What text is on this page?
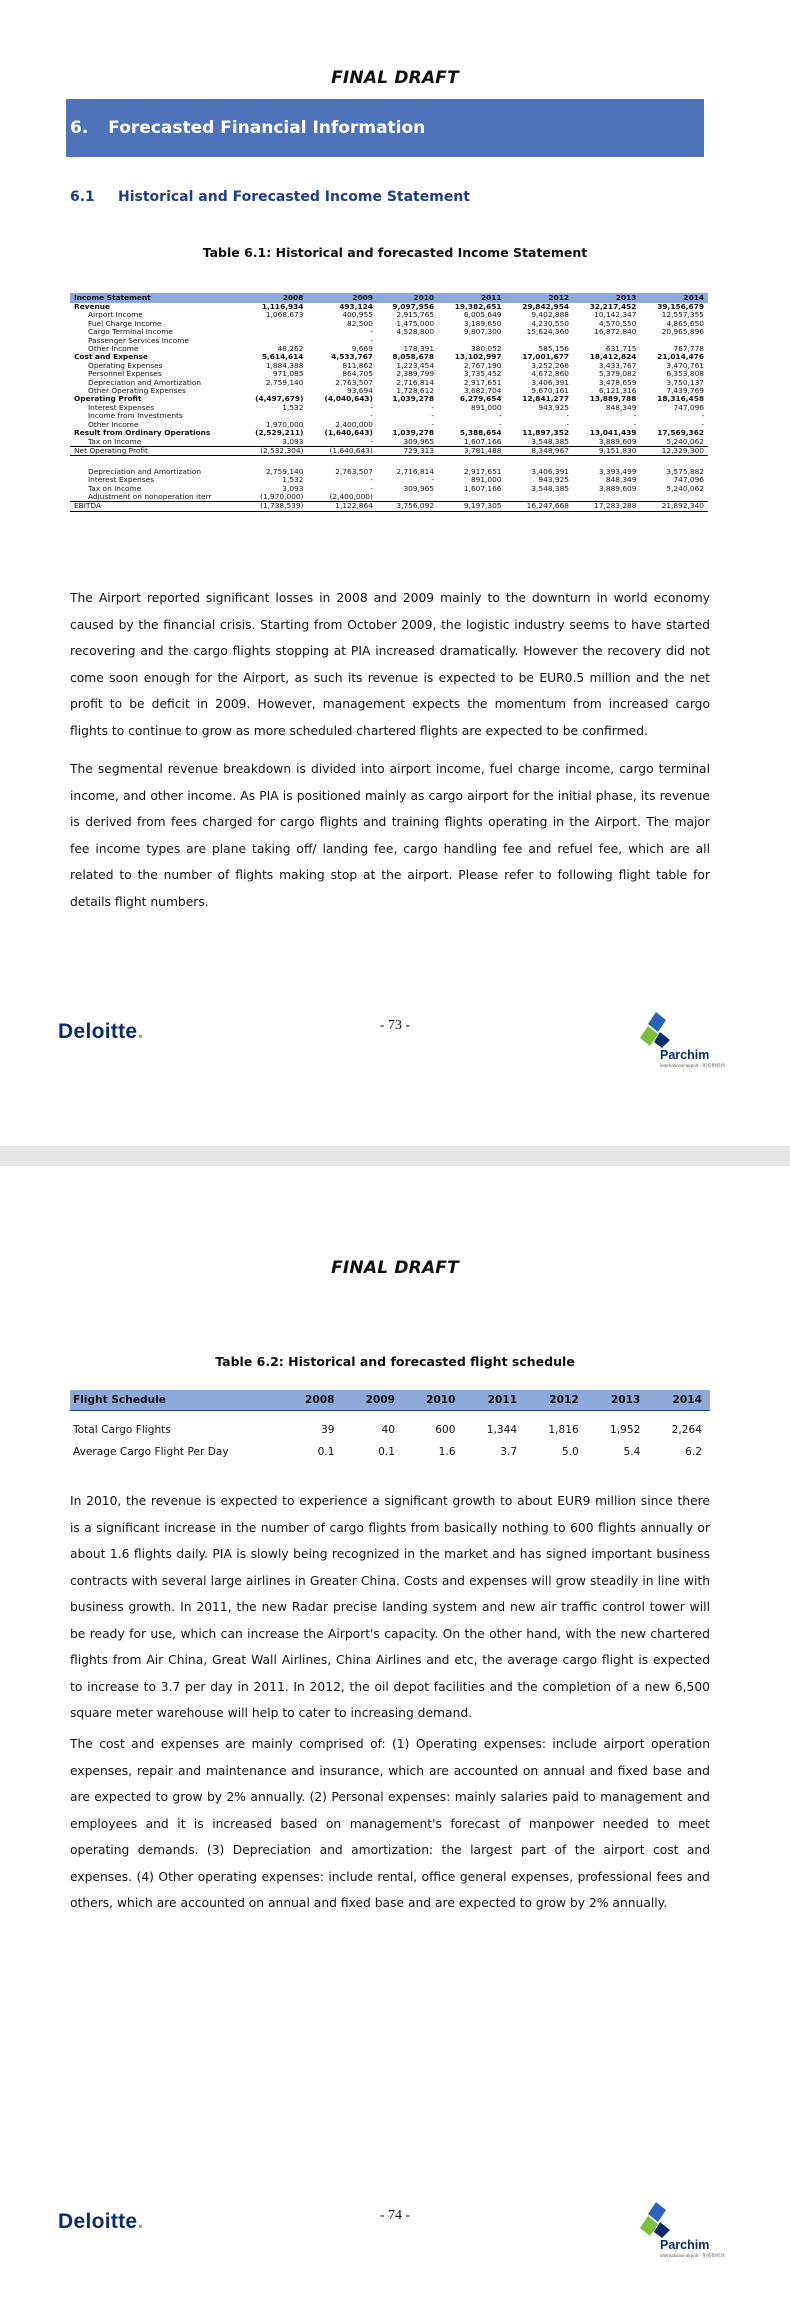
FINAL DRAFT
6. Forecasted Financial Information
6.1 Historical and Forecasted Income Statement
Table 6.1: Historical and forecasted Income Statement
Income Statement	2008	2009	2010	2011	2012	2013	2014
Revenue	1,116,934	493,124	9,097,956	19,382,651	29,842,954	32,217,452	39,156,679
Airport Income	1,068,673	400,955	2,915,765	6,005,649	9,402,888	10,142,347	12,557,355
Fuel Charge Income		82,500	1,475,000	3,189,650	4,230,550	4,570,550	4,865,650
Cargo Terminal Income		-	4,528,800	9,807,300	15,624,360	16,872,840	20,965,896
Passenger Services Income		-					
Other Income	48,262	9,669	178,391	380,052	585,156	631,715	767,778
Cost and Expense	5,614,614	4,533,767	8,058,678	13,102,997	17,001,677	18,412,824	21,014,476
Operating Expenses	1,884,388	811,862	1,223,454	2,767,190	3,252,266	3,433,767	3,470,761
Personnel Expenses	971,085	864,705	2,389,799	3,735,452	4,672,860	5,379,082	6,353,808
Depreciation and Amortization	2,759,140	2,763,507	2,716,814	2,917,651	3,406,391	3,478,659	3,750,137
Other Operating Expenses		93,694	1,728,612	3,682,704	5,670,161	6,121,316	7,439,769
Operating Profit	(4,497,679)	(4,040,643)	1,039,278	6,279,654	12,841,277	13,889,788	18,316,458
Interest Expenses	1,532	-	-	891,000	943,925	848,349	747,096
Income from Investments		-	-	-	-	-	-
Other Income	1,970,000	2,400,000	-	-	-	-	-
Result from Ordinary Operations	(2,529,211)	(1,640,643)	1,039,278	5,388,654	11,897,352	13,041,439	17,569,362
Tax on Income	3,093	-	309,965	1,607,166	3,548,385	3,889,609	5,240,062
Net Operating Profit	(2,532,304)	(1,640,643)	729,313	3,781,488	8,348,967	9,151,830	12,329,300

Depreciation and Amortization	2,759,140	2,763,507	2,716,814	2,917,651	3,406,391	3,393,499	3,575,882
Interest Expenses	1,532	-	-	891,000	943,925	848,349	747,096
Tax on Income	3,093	-	309,965	1,607,166	3,548,385	3,889,609	5,240,062
Adjustment on nonoperation iterr	(1,970,000)	(2,400,000)					
EBITDA	(1,738,539)	1,122,864	3,756,092	9,197,305	16,247,668	17,283,288	21,892,340
The Airport reported significant losses in 2008 and 2009 mainly to the downturn in world economy caused by the financial crisis. Starting from October 2009, the logistic industry seems to have started recovering and the cargo flights stopping at PIA increased dramatically. However the recovery did not come soon enough for the Airport, as such its revenue is expected to be EUR0.5 million and the net profit to be deficit in 2009. However, management expects the momentum from increased cargo flights to continue to grow as more scheduled chartered flights are expected to be confirmed.
The segmental revenue breakdown is divided into airport income, fuel charge income, cargo terminal income, and other income. As PIA is positioned mainly as cargo airport for the initial phase, its revenue is derived from fees charged for cargo flights and training flights operating in the Airport. The major fee income types are plane taking off/ landing fee, cargo handling fee and refuel fee, which are all related to the number of flights making stop at the airport. Please refer to following flight table for details flight numbers.
Deloitte.	- 73 -
Parchim
international airport · 帕希姆机场
FINAL DRAFT
Table 6.2: Historical and forecasted flight schedule
Flight Schedule	2008	2009	2010	2011	2012	2013	2014
Total Cargo Flights	39	40	600	1,344	1,816	1,952	2,264
Average Cargo Flight Per Day	0.1	0.1	1.6	3.7	5.0	5.4	6.2
In 2010, the revenue is expected to experience a significant growth to about EUR9 million since there is a significant increase in the number of cargo flights from basically nothing to 600 flights annually or about 1.6 flights daily. PIA is slowly being recognized in the market and has signed important business contracts with several large airlines in Greater China. Costs and expenses will grow steadily in line with business growth. In 2011, the new Radar precise landing system and new air traffic control tower will be ready for use, which can increase the Airport's capacity. On the other hand, with the new chartered flights from Air China, Great Wall Airlines, China Airlines and etc, the average cargo flight is expected to increase to 3.7 per day in 2011. In 2012, the oil depot facilities and the completion of a new 6,500 square meter warehouse will help to cater to increasing demand.
The cost and expenses are mainly comprised of: (1) Operating expenses: include airport operation expenses, repair and maintenance and insurance, which are accounted on annual and fixed base and are expected to grow by 2% annually. (2) Personal expenses: mainly salaries paid to management and employees and it is increased based on management's forecast of manpower needed to meet operating demands. (3) Depreciation and amortization: the largest part of the airport cost and expenses. (4) Other operating expenses: include rental, office general expenses, professional fees and others, which are accounted on annual and fixed base and are expected to grow by 2% annually.
Deloitte.	- 74 -
Parchim
international airport · 帕希姆机场
